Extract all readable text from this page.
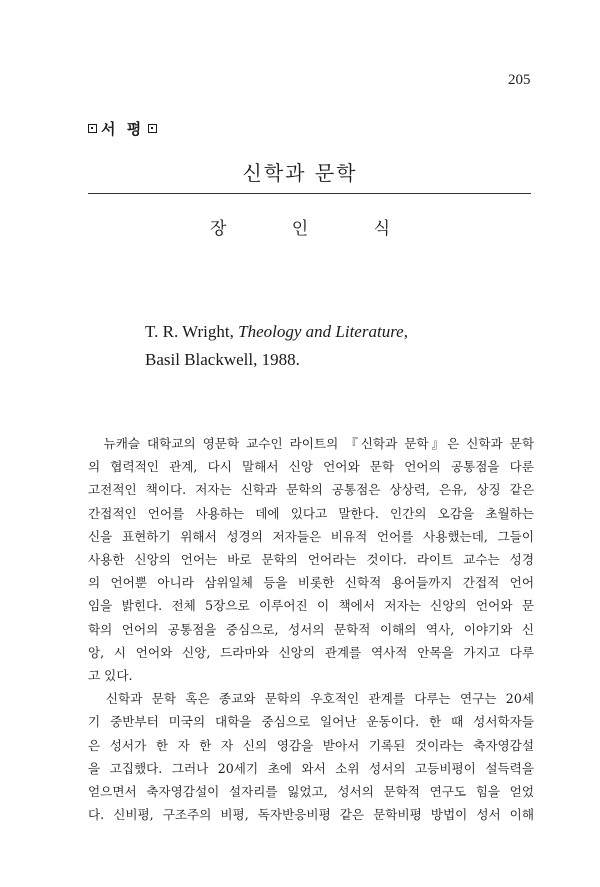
205
서 평
신학과 문학
장 인 식
T. R. Wright, Theology and Literature,
Basil Blackwell, 1988.

　뉴캐슬 대학교의 영문학 교수인 라이트의 『신학과 문학』은 신학과 문학

의 협력적인 관계, 다시 말해서 신앙 언어와 문학 언어의 공통점을 다룬

고전적인 책이다. 저자는 신학과 문학의 공통점은 상상력, 은유, 상징 같은

간접적인 언어를 사용하는 데에 있다고 말한다. 인간의 오감을 초월하는

신을 표현하기 위해서 성경의 저자들은 비유적 언어를 사용했는데, 그들이

사용한 신앙의 언어는 바로 문학의 언어라는 것이다. 라이트 교수는 성경

의 언어뿐 아니라 삼위일체 등을 비롯한 신학적 용어들까지 간접적 언어

임을 밝힌다. 전체 5장으로 이루어진 이 책에서 저자는 신앙의 언어와 문

학의 언어의 공통점을 중심으로, 성서의 문학적 이해의 역사, 이야기와 신

앙, 시 언어와 신앙, 드라마와 신앙의 관계를 역사적 안목을 가지고 다루

고 있다.

　신학과 문학 혹은 종교와 문학의 우호적인 관계를 다루는 연구는 20세

기 중반부터 미국의 대학을 중심으로 일어난 운동이다. 한 때 성서학자들

은 성서가 한 자 한 자 신의 영감을 받아서 기록된 것이라는 축자영감설

을 고집했다. 그러나 20세기 초에 와서 소위 성서의 고등비평이 설득력을

얻으면서 축자영감설이 설자리를 잃었고, 성서의 문학적 연구도 힘을 얻었

다. 신비평, 구조주의 비평, 독자반응비평 같은 문학비평 방법이 성서 이해
